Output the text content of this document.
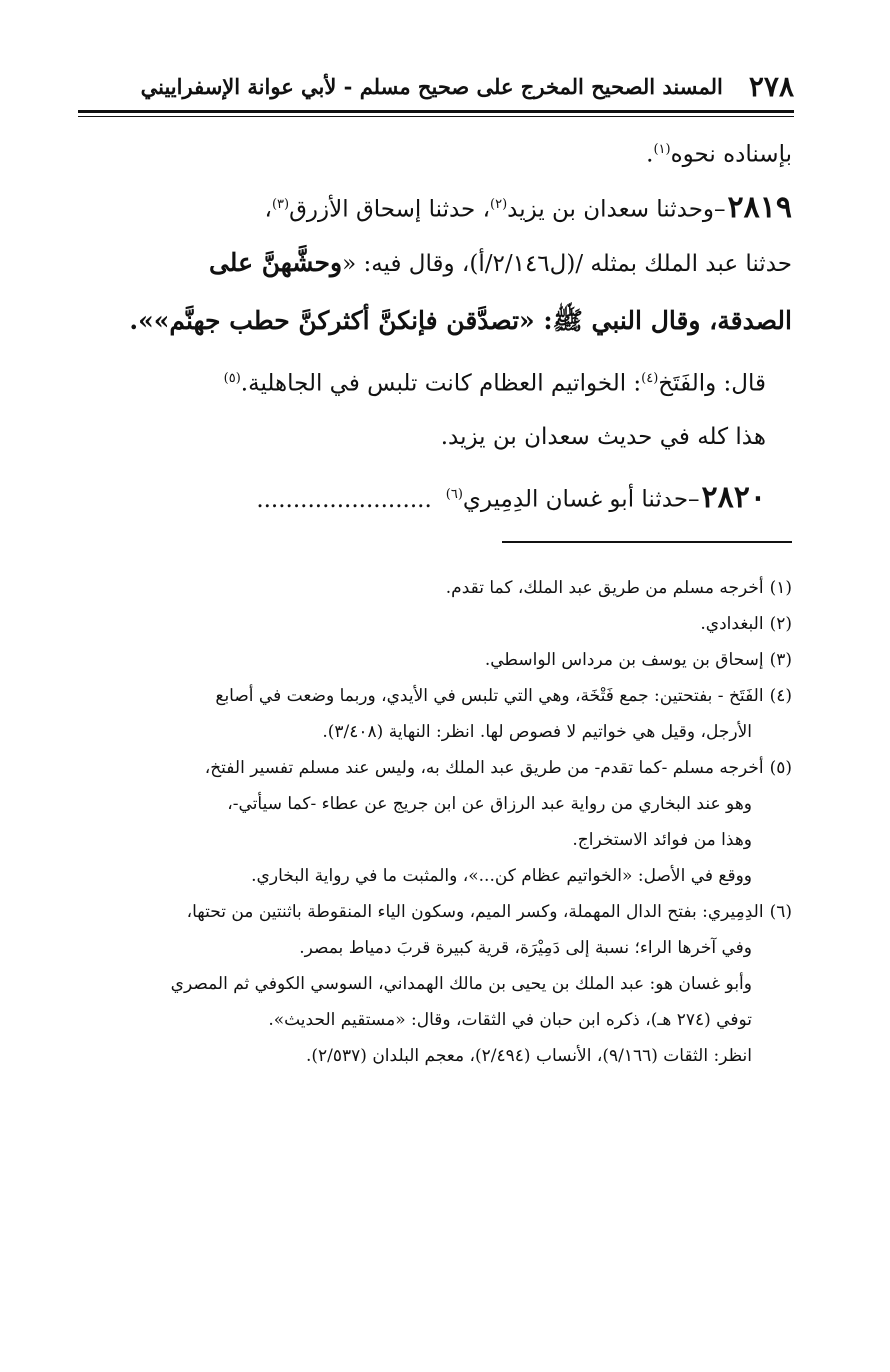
٢٧٨
المسند الصحيح المخرج على صحيح مسلم - لأبي عوانة الإسفراييني
بإسناده نحوه$^{(١)}$.
٢٨١٩–وحدثنا سعدان بن يزيد$^{(٢)}$، حدثنا إسحاق الأزرق$^{(٣)}$،
حدثنا عبد الملك بمثله /(ل٢/١٤٦/أ)، وقال فيه: «وحشَّهنَّ على
الصدقة، وقال النبي ﷺ: «تصدَّقن فإنكنَّ أكثركنَّ حطب جهنَّم»».
قال: والفَتَخ$^{(٤)}$: الخواتيم العظام كانت تلبس في الجاهلية.$^{(٥)}$
هذا كله في حديث سعدان بن يزيد.
٢٨٢٠–حدثنا أبو غسان الدِمِيري$^{(٦)}$........................
(١)أخرجه مسلم من طريق عبد الملك، كما تقدم.
(٢)البغدادي.
(٣)إسحاق بن يوسف بن مرداس الواسطي.
(٤)الفَتَخ - بفتحتين: جمع فَتْخَة، وهي التي تلبس في الأيدي، وربما وضعت في أصابع
الأرجل، وقيل هي خواتيم لا فصوص لها. انظر: النهاية (٣/٤٠٨).
(٥)أخرجه مسلم -كما تقدم- من طريق عبد الملك به، وليس عند مسلم تفسير الفتخ،
وهو عند البخاري من رواية عبد الرزاق عن ابن جريج عن عطاء -كما سيأتي-،
وهذا من فوائد الاستخراج.
ووقع في الأصل: «الخواتيم عظام كن...»، والمثبت ما في رواية البخاري.
(٦)الدِمِيري: بفتح الدال المهملة، وكسر الميم، وسكون الياء المنقوطة باثنتين من تحتها،
وفي آخرها الراء؛ نسبة إلى دَمِيْرَة، قرية كبيرة قربَ دمياط بمصر.
وأبو غسان هو: عبد الملك بن يحيى بن مالك الهمداني، السوسي الكوفي ثم المصري
توفي (٢٧٤ هـ)، ذكره ابن حبان في الثقات، وقال: «مستقيم الحديث».
انظر: الثقات (٩/١٦٦)، الأنساب (٢/٤٩٤)، معجم البلدان (٢/٥٣٧).
